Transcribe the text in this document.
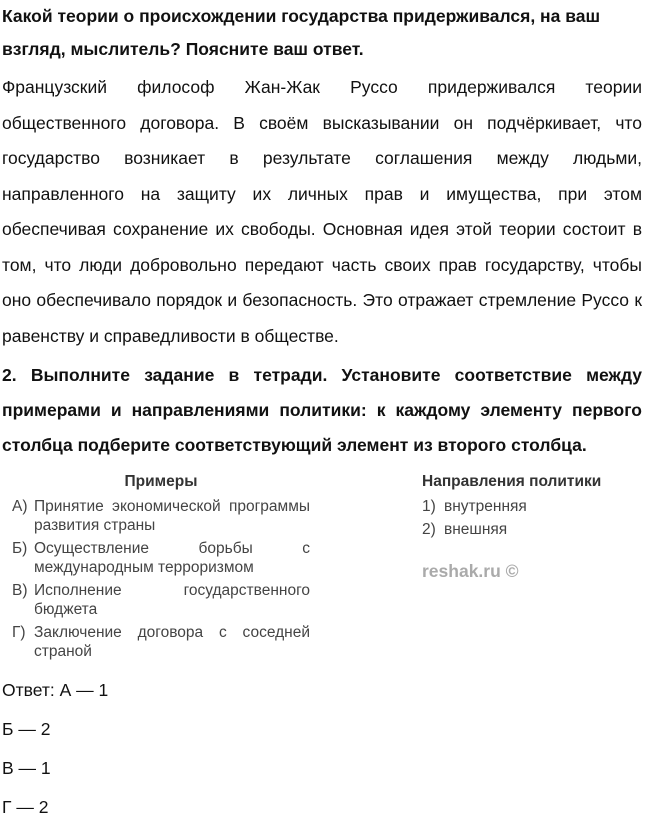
Какой теории о происхождении государства придерживался, на ваш взгляд, мыслитель? Поясните ваш ответ.
Французский философ Жан-Жак Руссо придерживался теории общественного договора. В своём высказывании он подчёркивает, что государство возникает в результате соглашения между людьми, направленного на защиту их личных прав и имущества, при этом обеспечивая сохранение их свободы. Основная идея этой теории состоит в том, что люди добровольно передают часть своих прав государству, чтобы оно обеспечивало порядок и безопасность. Это отражает стремление Руссо к равенству и справедливости в обществе.
2. Выполните задание в тетради. Установите соответствие между примерами и направлениями политики: к каждому элементу первого столбца подберите соответствующий элемент из второго столбца.
Примеры
А) Принятие экономической программы развития страны
Б) Осуществление борьбы с международным терроризмом
В) Исполнение государственного бюджета
Г) Заключение договора с соседней страной
Направления политики
1) внутренняя
2) внешняя
reshak.ru ©
Ответ: А — 1
Б — 2
В — 1
Г — 2
